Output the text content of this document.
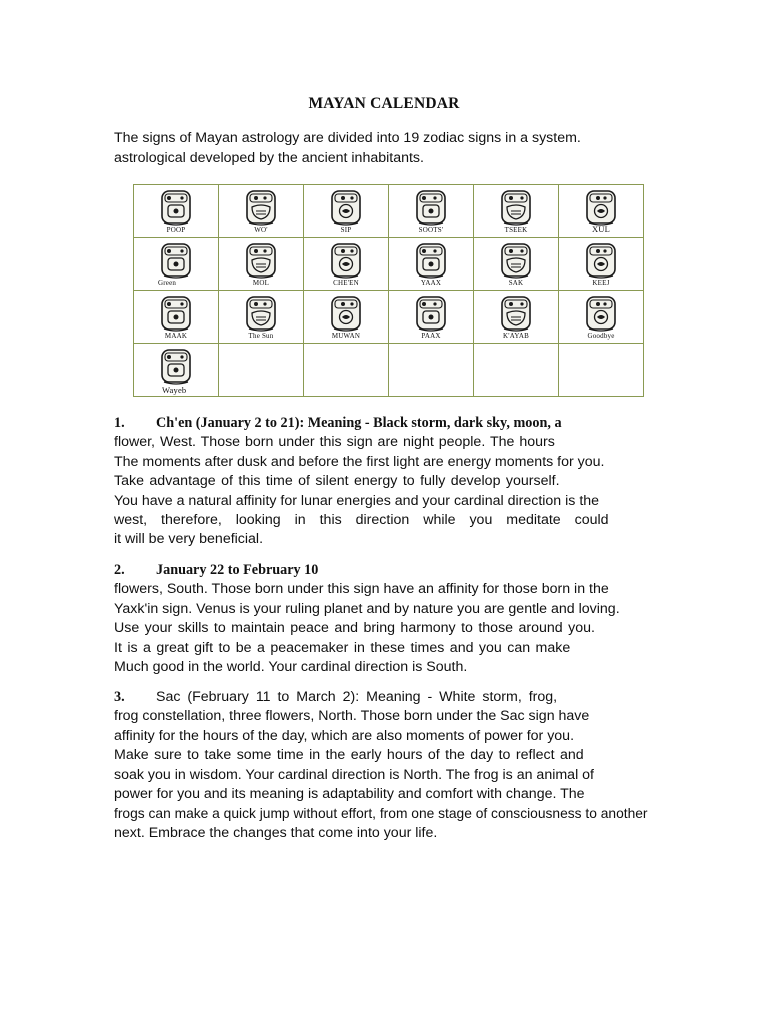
MAYAN CALENDAR
The signs of Mayan astrology are divided into 19 zodiac signs in a system.
astrological developed by the ancient inhabitants.
POOP	WO'	SIP	SOOTS'	TSEEK	XUL

Green	MOL	CHE'EN	YAAX	SAK	KEEJ

MAAK	The Sun	MUWAN	PAAX	K'AYAB	Goodbye

Wayeb					

1. Ch'en (January 2 to 21): Meaning - Black storm, dark sky, moon, a
flower, West. Those born under this sign are night people. The hours
The moments after dusk and before the first light are energy moments for you.
Take advantage of this time of silent energy to fully develop yourself.
You have a natural affinity for lunar energies and your cardinal direction is the
west, therefore, looking in this direction while you meditate could
it will be very beneficial.
2. January 22 to February 10
flowers, South. Those born under this sign have an affinity for those born in the
Yaxk'in sign. Venus is your ruling planet and by nature you are gentle and loving.
Use your skills to maintain peace and bring harmony to those around you.
It is a great gift to be a peacemaker in these times and you can make
Much good in the world. Your cardinal direction is South.
3. Sac (February 11 to March 2): Meaning - White storm, frog,
frog constellation, three flowers, North. Those born under the Sac sign have
affinity for the hours of the day, which are also moments of power for you.
Make sure to take some time in the early hours of the day to reflect and
soak you in wisdom. Your cardinal direction is North. The frog is an animal of
power for you and its meaning is adaptability and comfort with change. The
frogs can make a quick jump without effort, from one stage of consciousness to another
next. Embrace the changes that come into your life.
